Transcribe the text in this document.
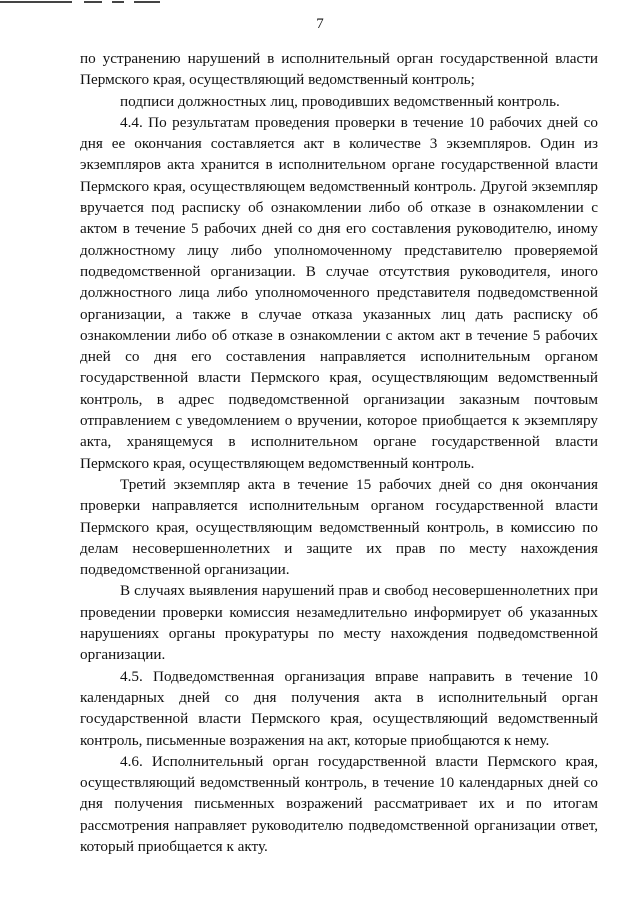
7

по устранению нарушений в исполнительный орган государственной власти Пермского края, осуществляющий ведомственный контроль;

подписи должностных лиц, проводивших ведомственный контроль.

4.4. По результатам проведения проверки в течение 10 рабочих дней со дня ее окончания составляется акт в количестве 3 экземпляров. Один из экземпляров акта хранится в исполнительном органе государственной власти Пермского края, осуществляющем ведомственный контроль. Другой экземпляр вручается под расписку об ознакомлении либо об отказе в ознакомлении с актом в течение 5 рабочих дней со дня его составления руководителю, иному должностному лицу либо уполномоченному представителю проверяемой подведомственной организации. В случае отсутствия руководителя, иного должностного лица либо уполномоченного представителя подведомственной организации, а также в случае отказа указанных лиц дать расписку об ознакомлении либо об отказе в ознакомлении с актом акт в течение 5 рабочих дней со дня его составления направляется исполнительным органом государственной власти Пермского края, осуществляющим ведомственный контроль, в адрес подведомственной организации заказным почтовым отправлением с уведомлением о вручении, которое приобщается к экземпляру акта, хранящемуся в исполнительном органе государственной власти Пермского края, осуществляющем ведомственный контроль.

Третий экземпляр акта в течение 15 рабочих дней со дня окончания проверки направляется исполнительным органом государственной власти Пермского края, осуществляющим ведомственный контроль, в комиссию по делам несовершеннолетних и защите их прав по месту нахождения подведомственной организации.

В случаях выявления нарушений прав и свобод несовершеннолетних при проведении проверки комиссия незамедлительно информирует об указанных нарушениях органы прокуратуры по месту нахождения подведомственной организации.

4.5. Подведомственная организация вправе направить в течение 10 календарных дней со дня получения акта в исполнительный орган государственной власти Пермского края, осуществляющий ведомственный контроль, письменные возражения на акт, которые приобщаются к нему.

4.6. Исполнительный орган государственной власти Пермского края, осуществляющий ведомственный контроль, в течение 10 календарных дней со дня получения письменных возражений рассматривает их и по итогам рассмотрения направляет руководителю подведомственной организации ответ, который приобщается к акту.
